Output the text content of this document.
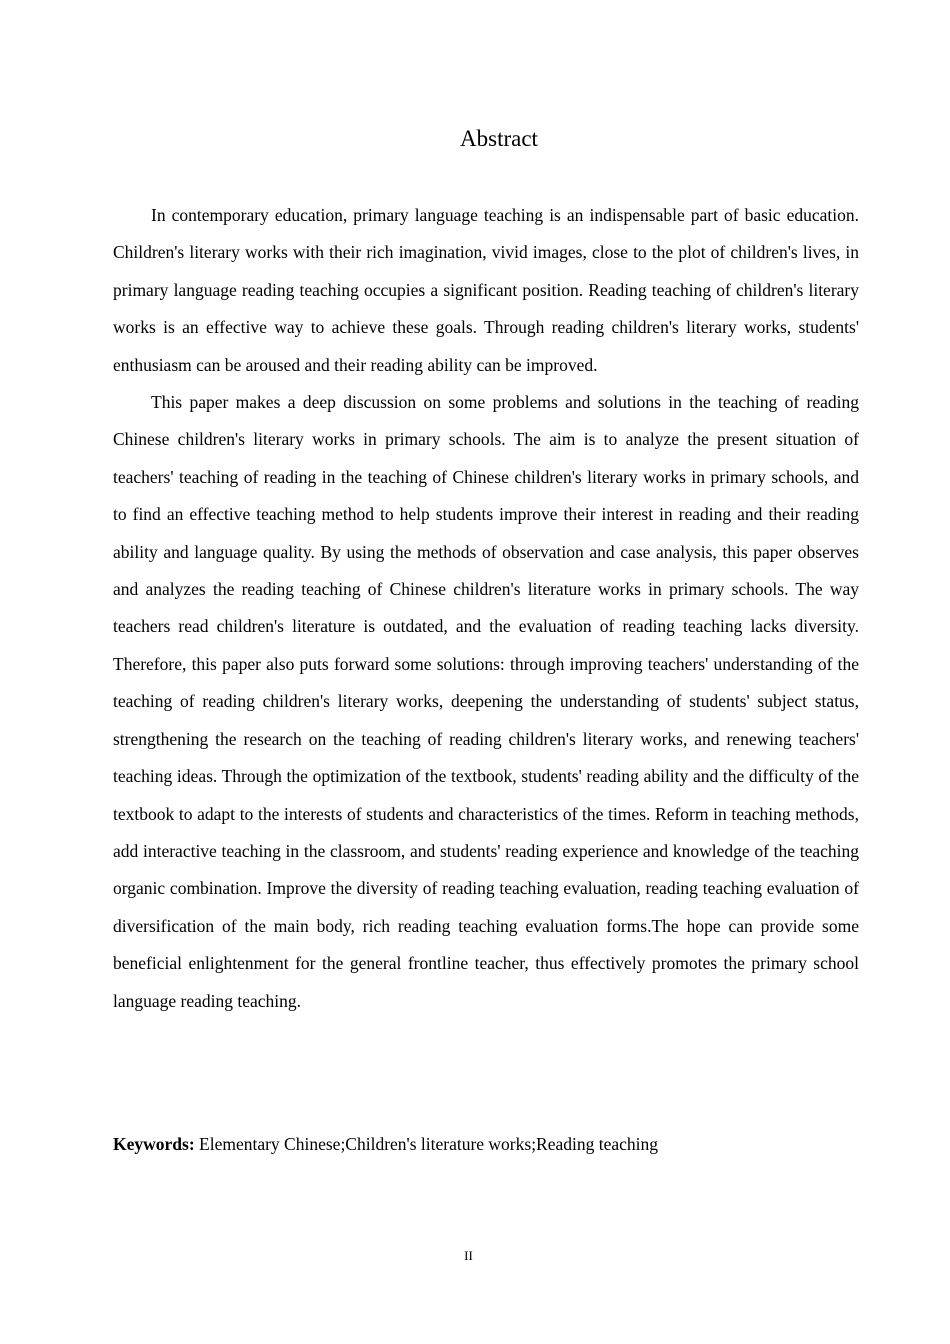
Abstract

In contemporary education, primary language teaching is an indispensable part of basic education. Children's literary works with their rich imagination, vivid images, close to the plot of children's lives, in primary language reading teaching occupies a significant position. Reading teaching of children's literary works is an effective way to achieve these goals. Through reading children's literary works, students' enthusiasm can be aroused and their reading ability can be improved.

This paper makes a deep discussion on some problems and solutions in the teaching of reading Chinese children's literary works in primary schools. The aim is to analyze the present situation of teachers' teaching of reading in the teaching of Chinese children's literary works in primary schools, and to find an effective teaching method to help students improve their interest in reading and their reading ability and language quality. By using the methods of observation and case analysis, this paper observes and analyzes the reading teaching of Chinese children's literature works in primary schools. The way teachers read children's literature is outdated, and the evaluation of reading teaching lacks diversity. Therefore, this paper also puts forward some solutions: through improving teachers' understanding of the teaching of reading children's literary works, deepening the understanding of students' subject status, strengthening the research on the teaching of reading children's literary works, and renewing teachers' teaching ideas. Through the optimization of the textbook, students' reading ability and the difficulty of the textbook to adapt to the interests of students and characteristics of the times. Reform in teaching methods, add interactive teaching in the classroom, and students' reading experience and knowledge of the teaching organic combination. Improve the diversity of reading teaching evaluation, reading teaching evaluation of diversification of the main body, rich reading teaching evaluation forms.The hope can provide some beneficial enlightenment for the general frontline teacher, thus effectively promotes the primary school language reading teaching.

Keywords: Elementary Chinese;Children's literature works;Reading teaching

II
